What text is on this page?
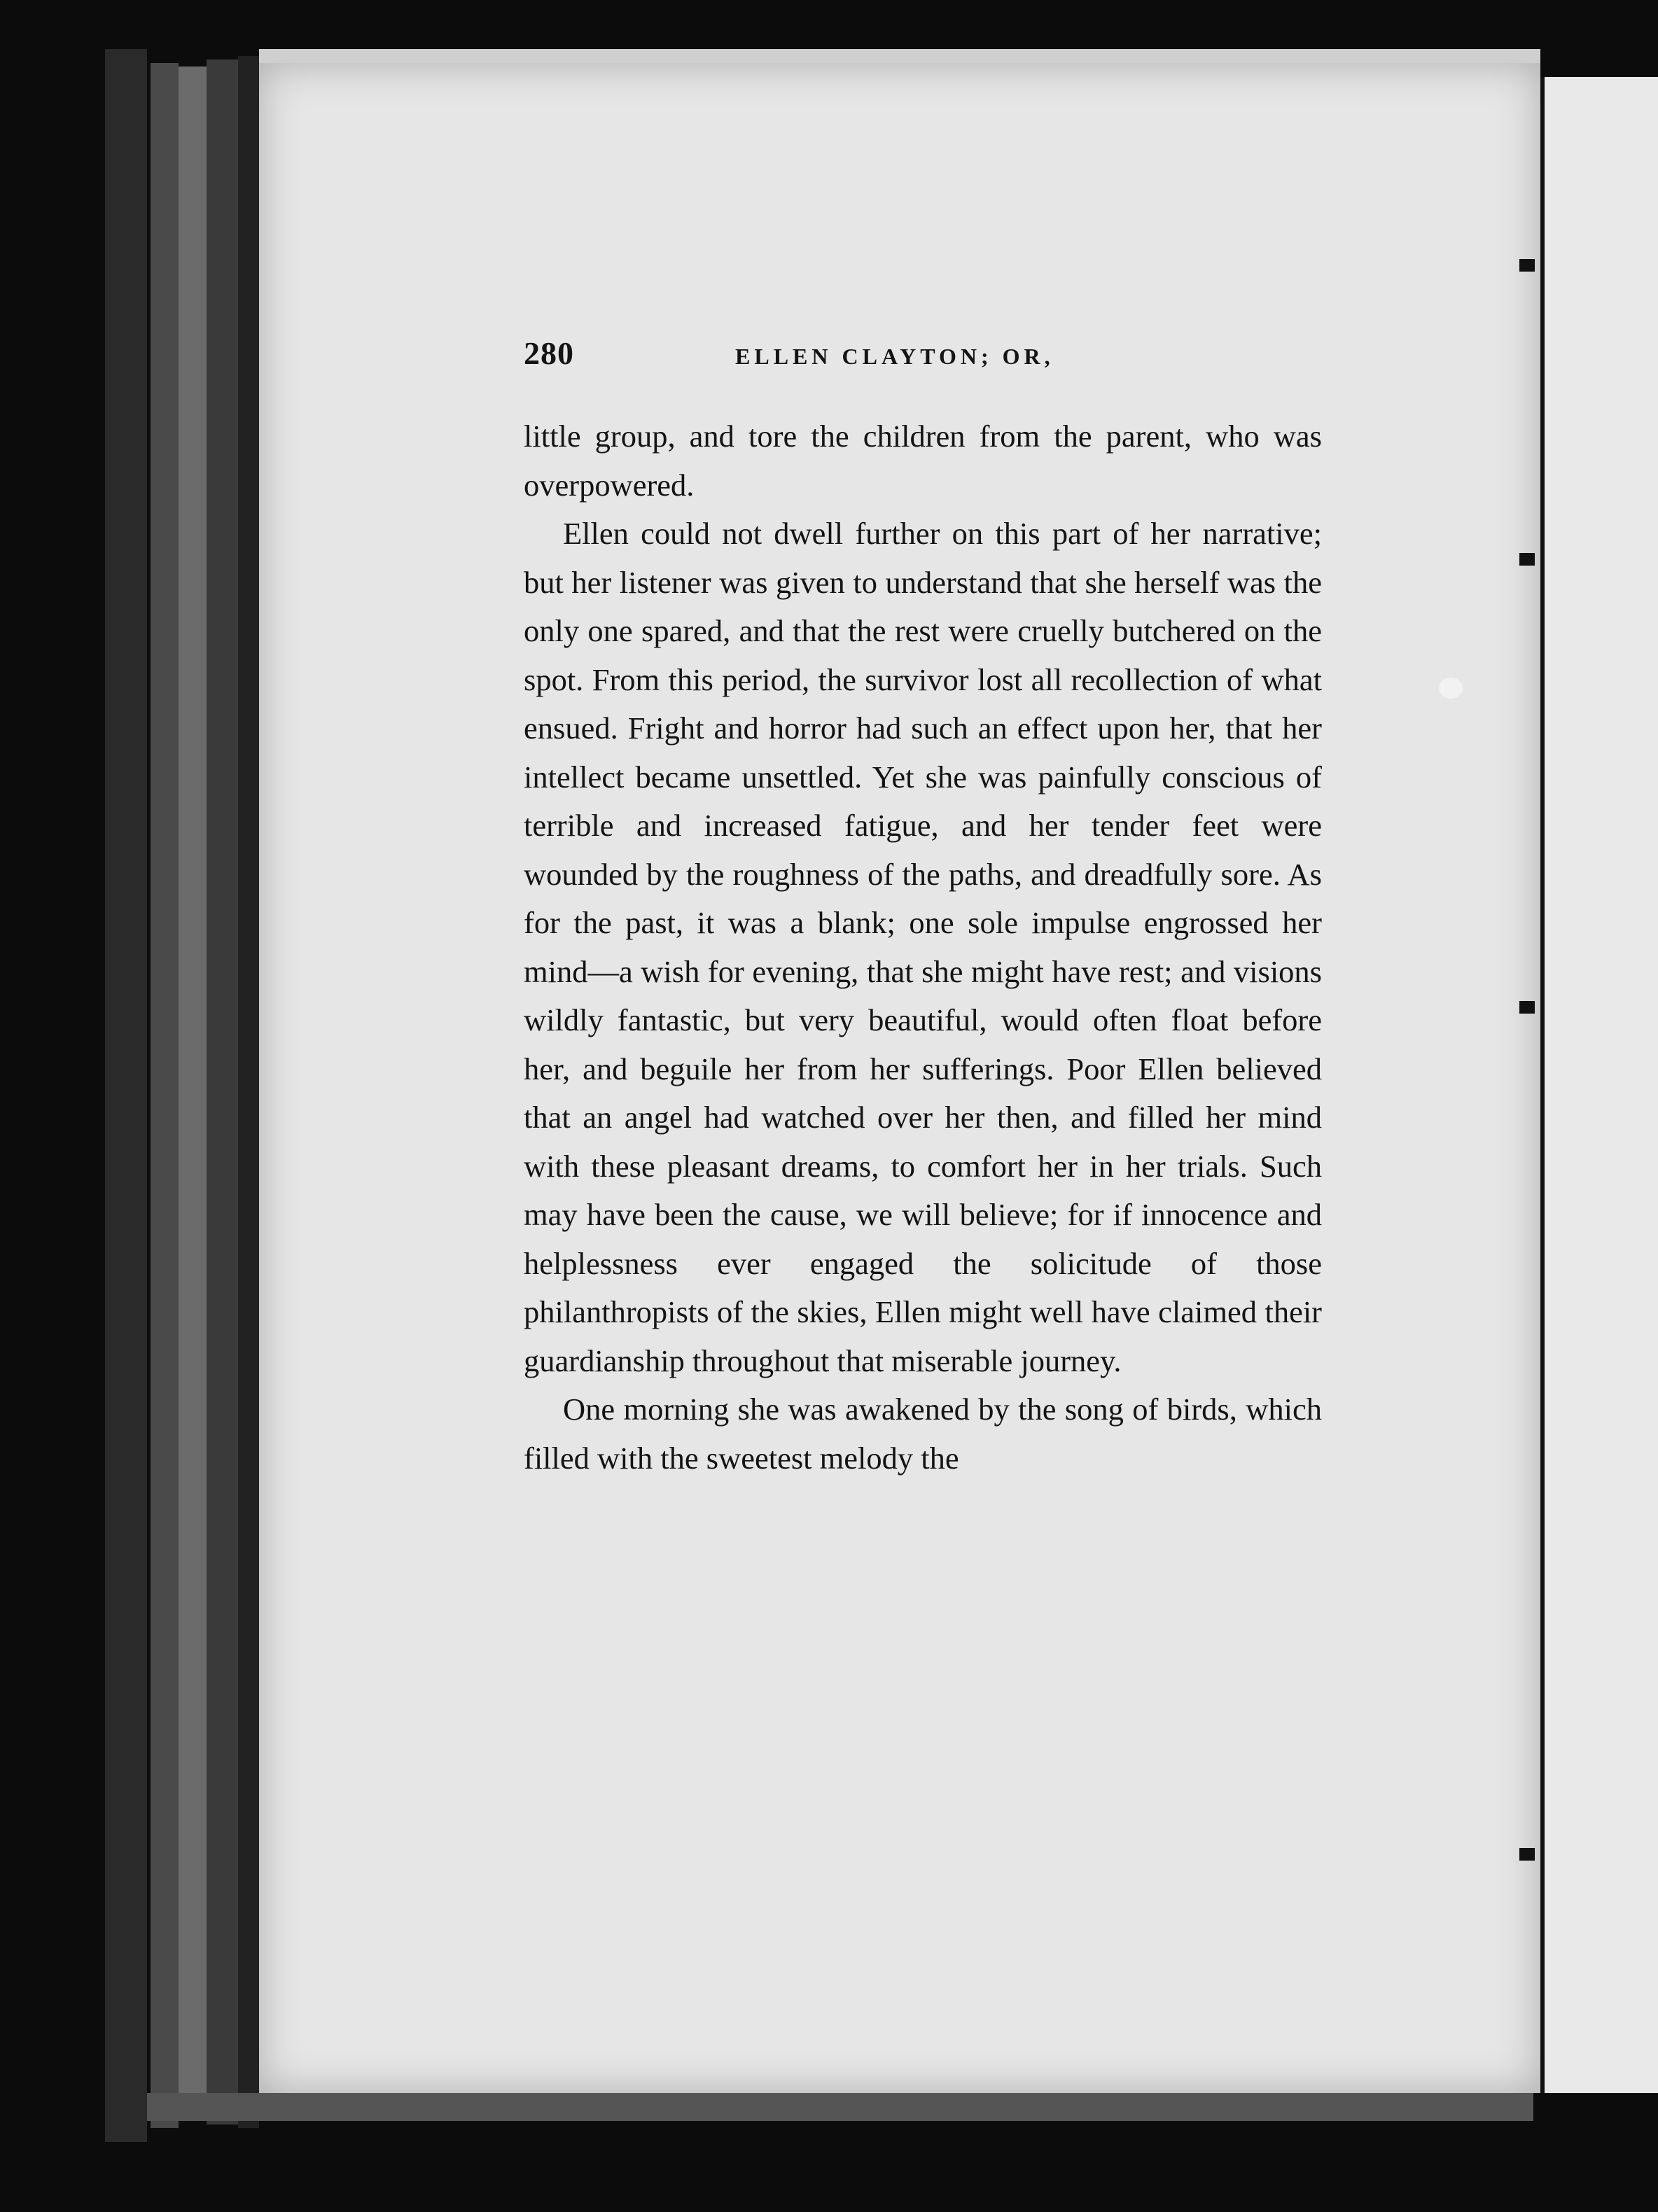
280	ELLEN CLAYTON; OR,

little group, and tore the children from the parent, who was overpowered.

Ellen could not dwell further on this part of her narrative; but her listener was given to understand that she herself was the only one spared, and that the rest were cruelly butchered on the spot. From this period, the survivor lost all recollection of what ensued. Fright and horror had such an effect upon her, that her intellect became unsettled. Yet she was painfully conscious of terrible and increased fatigue, and her tender feet were wounded by the roughness of the paths, and dreadfully sore. As for the past, it was a blank; one sole impulse engrossed her mind—a wish for evening, that she might have rest; and visions wildly fantastic, but very beautiful, would often float before her, and beguile her from her sufferings. Poor Ellen believed that an angel had watched over her then, and filled her mind with these pleasant dreams, to comfort her in her trials. Such may have been the cause, we will believe; for if innocence and helplessness ever engaged the solicitude of those philanthropists of the skies, Ellen might well have claimed their guardianship throughout that miserable journey.

One morning she was awakened by the song of birds, which filled with the sweetest melody the
